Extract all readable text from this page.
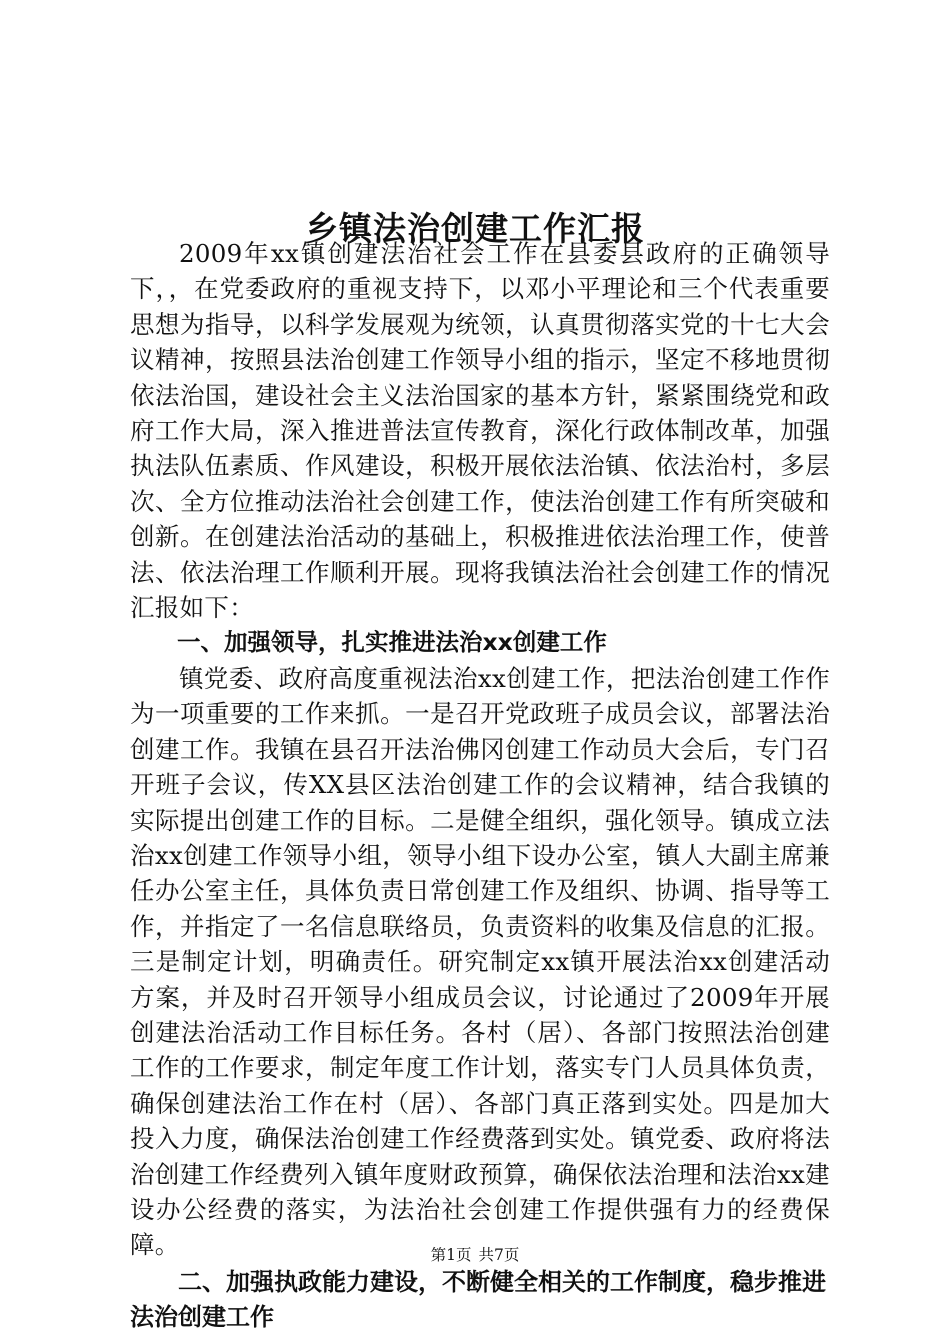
乡镇法治创建工作汇报

2009年xx镇创建法治社会工作在县委县政府的正确领导下，，在党委政府的重视支持下，以邓小平理论和三个代表重要思想为指导，以科学发展观为统领，认真贯彻落实党的十七大会议精神，按照县法治创建工作领导小组的指示，坚定不移地贯彻依法治国，建设社会主义法治国家的基本方针，紧紧围绕党和政府工作大局，深入推进普法宣传教育，深化行政体制改革，加强执法队伍素质、作风建设，积极开展依法治镇、依法治村，多层次、全方位推动法治社会创建工作，使法治创建工作有所突破和创新。在创建法治活动的基础上，积极推进依法治理工作，使普法、依法治理工作顺利开展。现将我镇法治社会创建工作的情况汇报如下：

一、加强领导，扎实推进法治xx创建工作

镇党委、政府高度重视法治xx创建工作，把法治创建工作作为一项重要的工作来抓。一是召开党政班子成员会议，部署法治创建工作。我镇在县召开法治佛冈创建工作动员大会后，专门召开班子会议，传XX县区法治创建工作的会议精神，结合我镇的实际提出创建工作的目标。二是健全组织，强化领导。镇成立法治xx创建工作领导小组，领导小组下设办公室，镇人大副主席兼任办公室主任，具体负责日常创建工作及组织、协调、指导等工作，并指定了一名信息联络员，负责资料的收集及信息的汇报。三是制定计划，明确责任。研究制定xx镇开展法治xx创建活动方案，并及时召开领导小组成员会议，讨论通过了2009年开展创建法治活动工作目标任务。各村（居）、各部门按照法治创建工作的工作要求，制定年度工作计划，落实专门人员具体负责，确保创建法治工作在村（居）、各部门真正落到实处。四是加大投入力度，确保法治创建工作经费落到实处。镇党委、政府将法治创建工作经费列入镇年度财政预算，确保依法治理和法治xx建设办公经费的落实，为法治社会创建工作提供强有力的经费保障。

二、加强执政能力建设，不断健全相关的工作制度，稳步推进法治创建工作

第1页 共7页
